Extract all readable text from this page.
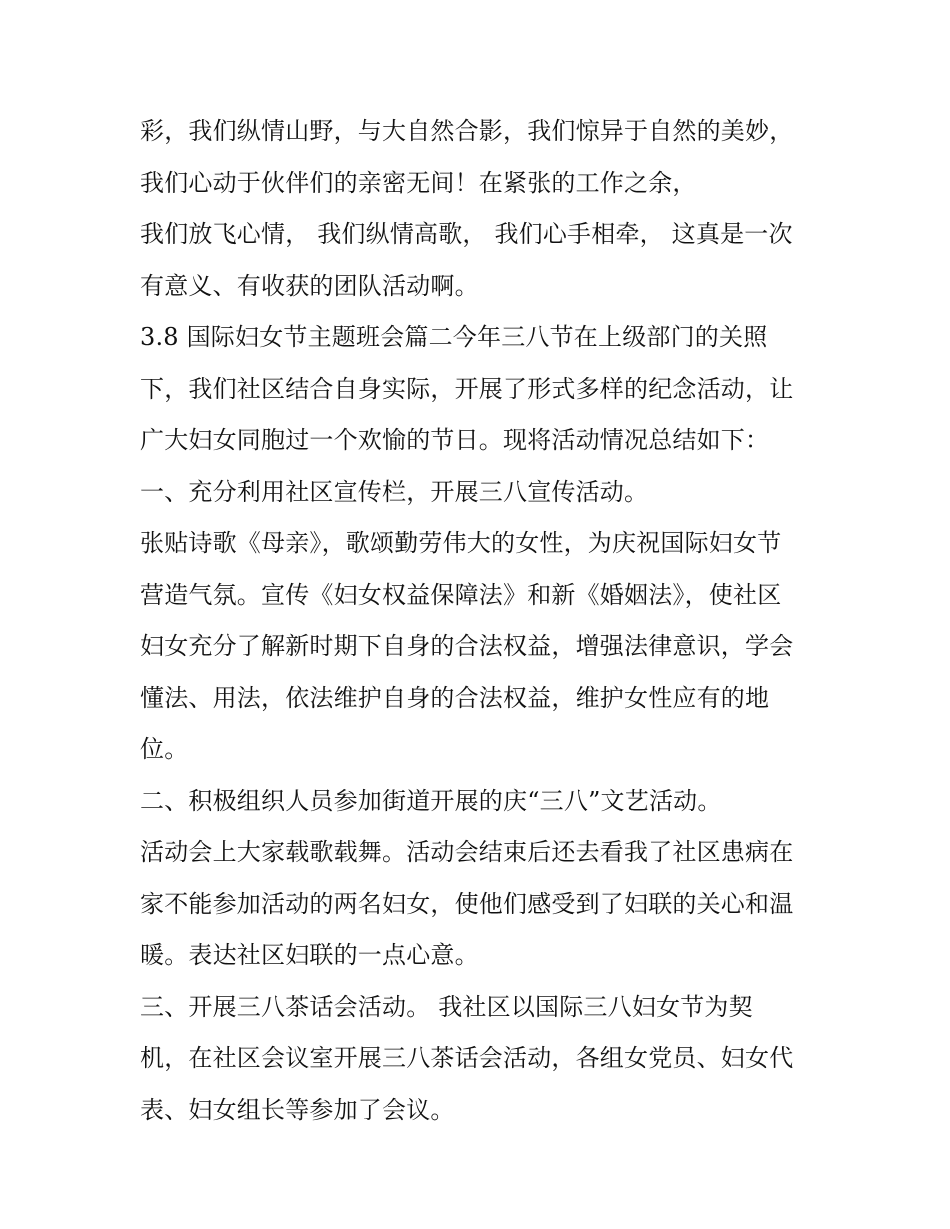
彩，我们纵情山野，与大自然合影，我们惊异于自然的美妙，
我们心动于伙伴们的亲密无间！在紧张的工作之余，
我们放飞心情， 我们纵情高歌， 我们心手相牵， 这真是一次
有意义、有收获的团队活动啊。
3.8 国际妇女节主题班会篇二今年三八节在上级部门的关照
下，我们社区结合自身实际，开展了形式多样的纪念活动，让
广大妇女同胞过一个欢愉的节日。现将活动情况总结如下：
一、充分利用社区宣传栏，开展三八宣传活动。
张贴诗歌《母亲》，歌颂勤劳伟大的女性，为庆祝国际妇女节
营造气氛。宣传《妇女权益保障法》和新《婚姻法》，使社区
妇女充分了解新时期下自身的合法权益，增强法律意识，学会
懂法、用法，依法维护自身的合法权益，维护女性应有的地
位。
二、积极组织人员参加街道开展的庆“三八”文艺活动。
活动会上大家载歌载舞。活动会结束后还去看我了社区患病在
家不能参加活动的两名妇女，使他们感受到了妇联的关心和温
暖。表达社区妇联的一点心意。
三、开展三八茶话会活动。 我社区以国际三八妇女节为契
机，在社区会议室开展三八茶话会活动，各组女党员、妇女代
表、妇女组长等参加了会议。
